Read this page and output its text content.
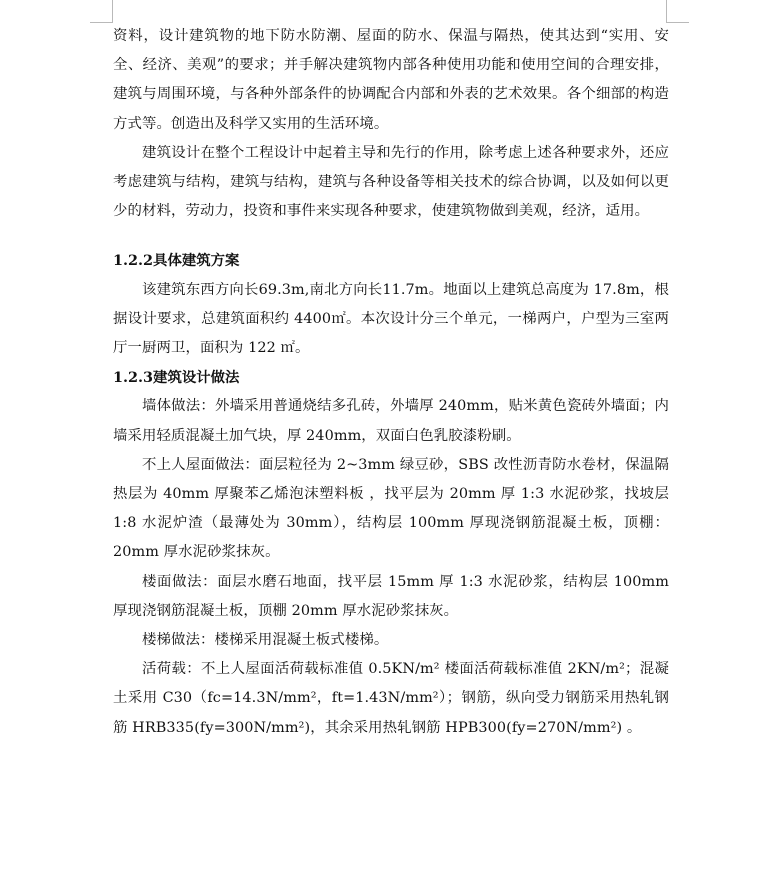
资料，设计建筑物的地下防水防潮、屋面的防水、保温与隔热，使其达到“实用、安全、经济、美观”的要求；并手解决建筑物内部各种使用功能和使用空间的合理安排，建筑与周围环境，与各种外部条件的协调配合内部和外表的艺术效果。各个细部的构造方式等。创造出及科学又实用的生活环境。

建筑设计在整个工程设计中起着主导和先行的作用，除考虑上述各种要求外，还应考虑建筑与结构，建筑与结构，建筑与各种设备等相关技术的综合协调，以及如何以更少的材料，劳动力，投资和事件来实现各种要求，使建筑物做到美观，经济，适用。

1.2.2具体建筑方案

该建筑东西方向长69.3m,南北方向长11.7m。地面以上建筑总高度为 17.8m，根据设计要求，总建筑面积约 4400㎡。本次设计分三个单元，一梯两户，户型为三室两厅一厨两卫，面积为 122 ㎡。

1.2.3建筑设计做法

墙体做法：外墙采用普通烧结多孔砖，外墙厚 240mm，贴米黄色瓷砖外墙面；内墙采用轻质混凝土加气块，厚 240mm，双面白色乳胶漆粉刷。

不上人屋面做法：面层粒径为 2~3mm 绿豆砂，SBS 改性沥青防水卷材，保温隔热层为 40mm 厚聚苯乙烯泡沫塑料板 ，找平层为 20mm 厚 1:3 水泥砂浆，找坡层 1:8 水泥炉渣（最薄处为 30mm），结构层 100mm 厚现浇钢筋混凝土板，顶棚：20mm 厚水泥砂浆抹灰。

楼面做法：面层水磨石地面，找平层 15mm 厚 1:3 水泥砂浆，结构层 100mm 厚现浇钢筋混凝土板，顶棚 20mm 厚水泥砂浆抹灰。

楼梯做法：楼梯采用混凝土板式楼梯。

活荷载：不上人屋面活荷载标准值 0.5KN/m² 楼面活荷载标准值 2KN/m²；混凝土采用 C30（fc=14.3N/mm²，ft=1.43N/mm²）；钢筋，纵向受力钢筋采用热轧钢筋 HRB335(fy=300N/mm²)，其余采用热轧钢筋 HPB300(fy=270N/mm²) 。
